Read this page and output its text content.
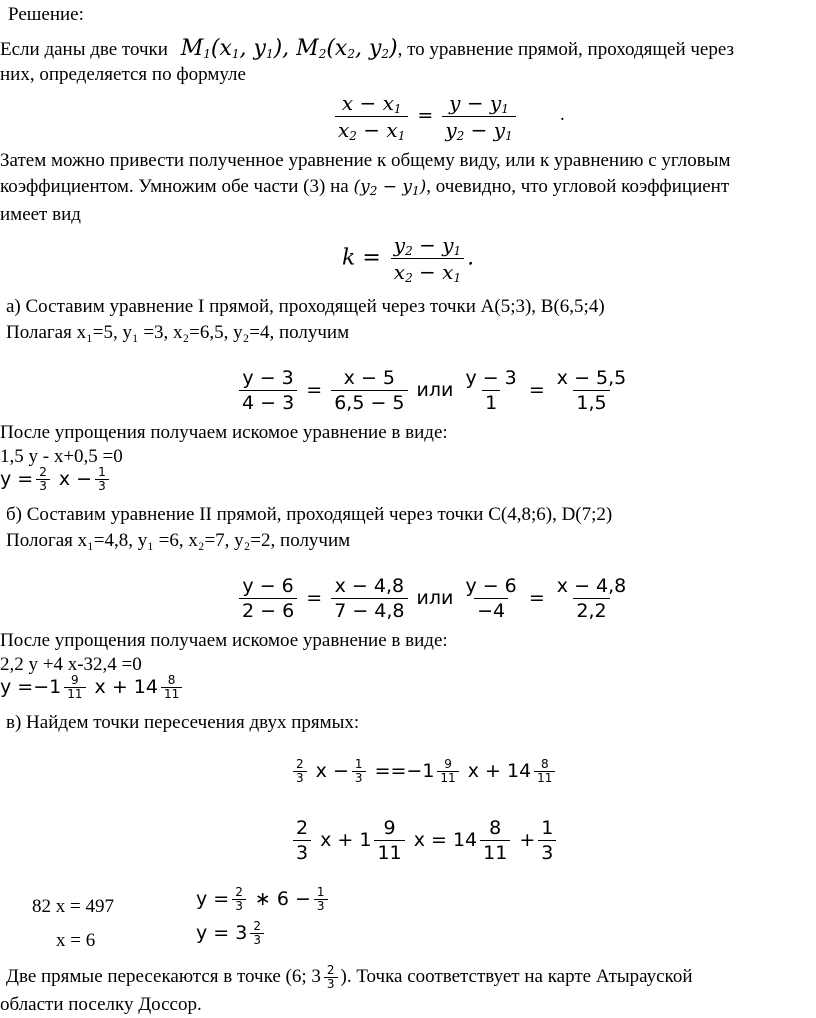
Решение:
Если даны две точки $M_1(x_1$, $y_1$), $M_2(x_2$, $y_2$), то уравнение прямой, проходящей через
них, определяется по формуле
$\frac{x - x_1}{x_2 - x_1} = \frac{y - y_1}{y_2 - y_1}$ .
Затем можно привести полученное уравнение к общему виду, или к уравнению с угловым
коэффициентом. Умножим обе части (3) на $(y_2 - y_1)$, очевидно, что угловой коэффициент
имеет вид
$k = \frac{y_2 - y_1}{x_2 - x_1}$ .
а) Составим уравнение I прямой, проходящей через точки A(5;3), B(6,5;4)
Полагая x₁=5, y₁ =3, x₂=6,5, y₂=4, получим
$\frac{y - 3}{4 - 3} = \frac{x - 5}{6,5 - 5}$ или $\frac{y - 3}{1} = \frac{x - 5,5}{1,5}$
После упрощения получаем искомое уравнение в виде:
1,5 y - x+0,5 =0
$y = \frac{2}{3}$ $x - \frac{1}{3}$
б) Составим уравнение II прямой, проходящей через точки C(4,8;6), D(7;2)
Пологая x₁=4,8, y₁ =6, x₂=7, y₂=2, получим
$\frac{y - 6}{2 - 6} = \frac{x - 4,8}{7 - 4,8}$ или $\frac{y - 6}{-4} = \frac{x - 4,8}{2,2}$
После упрощения получаем искомое уравнение в виде:
2,2 y +4 x-32,4 =0
$y =-1 \frac{9}{11}$ $x + 14 \frac{8}{11}$
в) Найдем точки пересечения двух прямых:
$\frac{2}{3}$ $x - \frac{1}{3} ==-1 \frac{9}{11}$ $x + 14 \frac{8}{11}$
$\frac{2}{3}$ $x + 1 \frac{9}{11}$ $x = 14 \frac{8}{11} + \frac{1}{3}$
82 x = 497
x = 6
$y = \frac{2}{3}$ ∗ $6 - \frac{1}{3}$
$y = 3 \frac{2}{3}$
Две прямые пересекаются в точке (6; $3 \frac{2}{3}$ ). Точка соответствует на карте Атырауской
области поселку Доссор.
